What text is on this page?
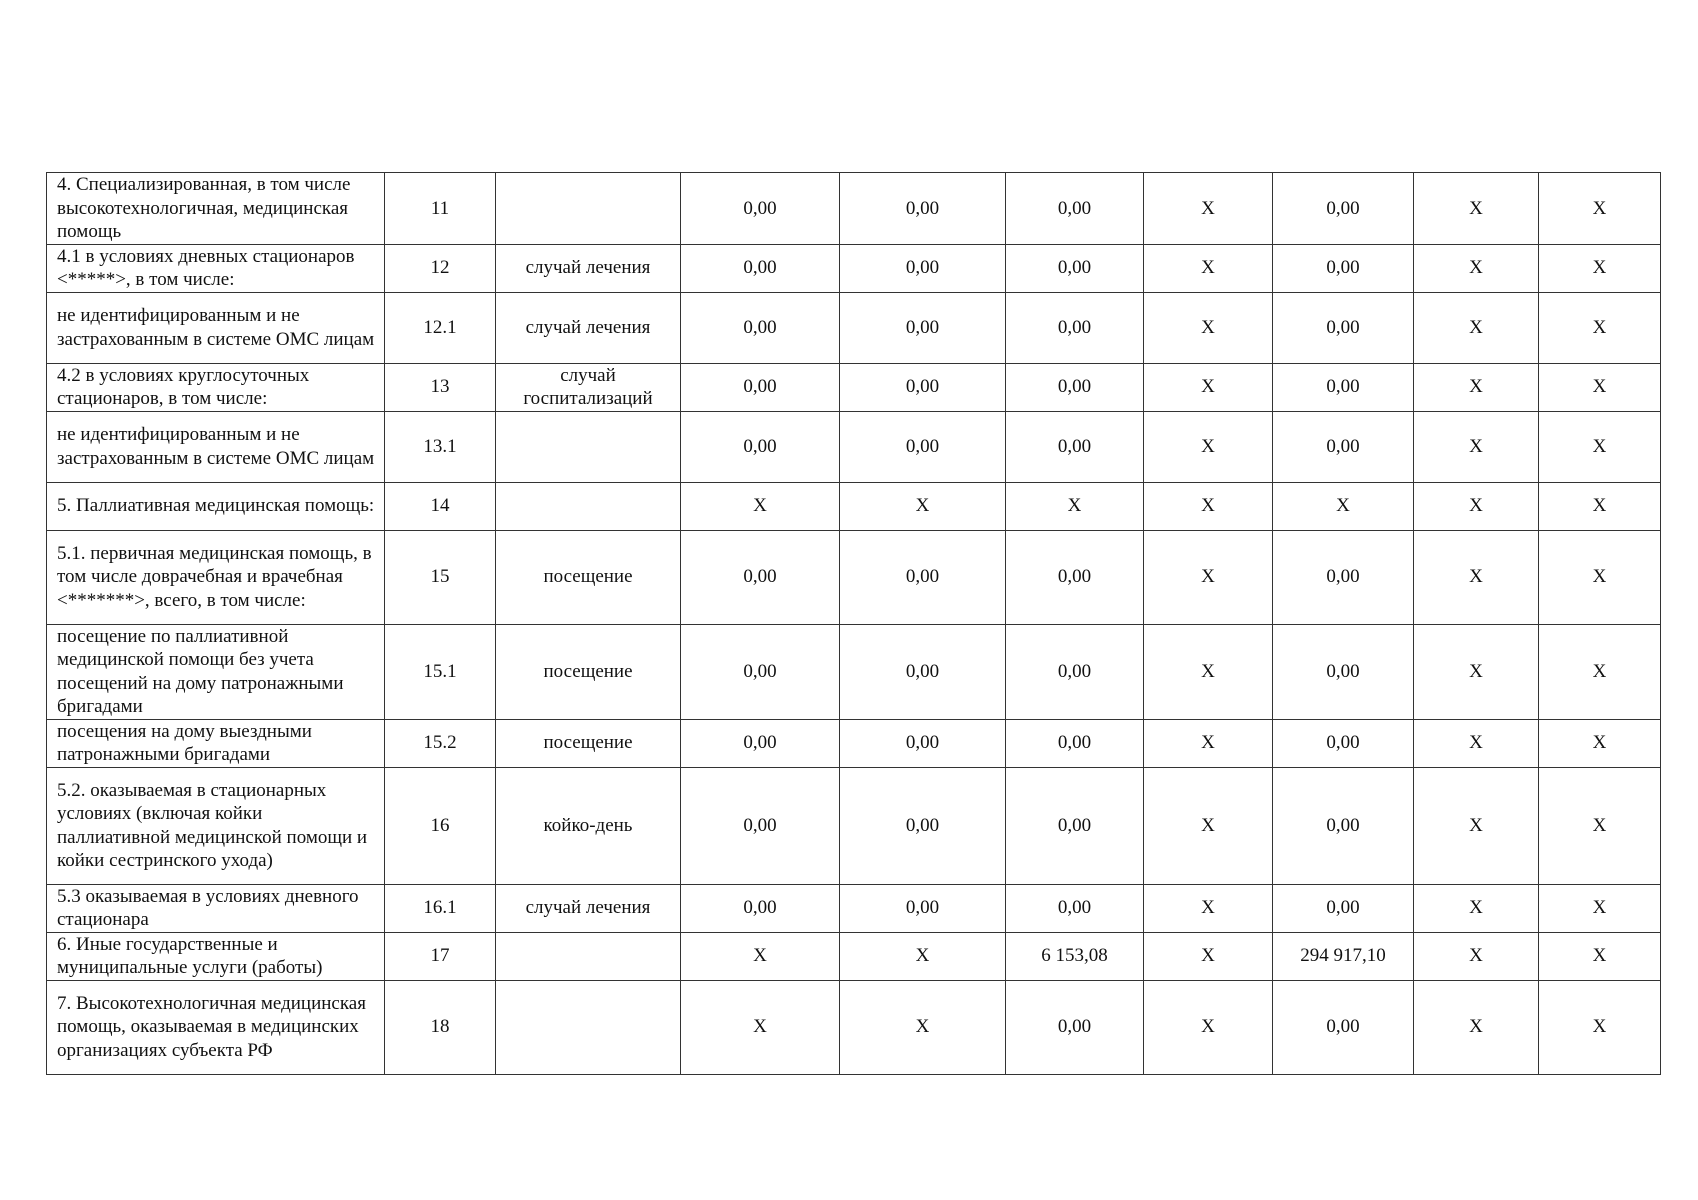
4. Специализированная, в том числе высокотехнологичная, медицинская помощь	11		0,00	0,00	0,00	X	0,00	X	X
4.1 в условиях дневных стационаров <*****>, в том числе:	12	случай лечения	0,00	0,00	0,00	X	0,00	X	X
не идентифицированным и не застрахованным в системе ОМС лицам	12.1	случай лечения	0,00	0,00	0,00	X	0,00	X	X
4.2 в условиях круглосуточных стационаров, в том числе:	13	случай госпитализаций	0,00	0,00	0,00	X	0,00	X	X
не идентифицированным и не застрахованным в системе ОМС лицам	13.1		0,00	0,00	0,00	X	0,00	X	X
5. Паллиативная медицинская помощь:	14		X	X	X	X	X	X	X
5.1. первичная медицинская помощь, в том числе доврачебная и врачебная <*******>, всего, в том числе:	15	посещение	0,00	0,00	0,00	X	0,00	X	X
посещение по паллиативной медицинской помощи без учета посещений на дому патронажными бригадами	15.1	посещение	0,00	0,00	0,00	X	0,00	X	X
посещения на дому выездными патронажными бригадами	15.2	посещение	0,00	0,00	0,00	X	0,00	X	X
5.2. оказываемая в стационарных условиях (включая койки паллиативной медицинской помощи и койки сестринского ухода)	16	койко-день	0,00	0,00	0,00	X	0,00	X	X
5.3 оказываемая в условиях дневного стационара	16.1	случай лечения	0,00	0,00	0,00	X	0,00	X	X
6. Иные государственные и муниципальные услуги (работы)	17		X	X	6 153,08	X	294 917,10	X	X
7. Высокотехнологичная медицинская помощь, оказываемая в медицинских организациях субъекта РФ	18		X	X	0,00	X	0,00	X	X
